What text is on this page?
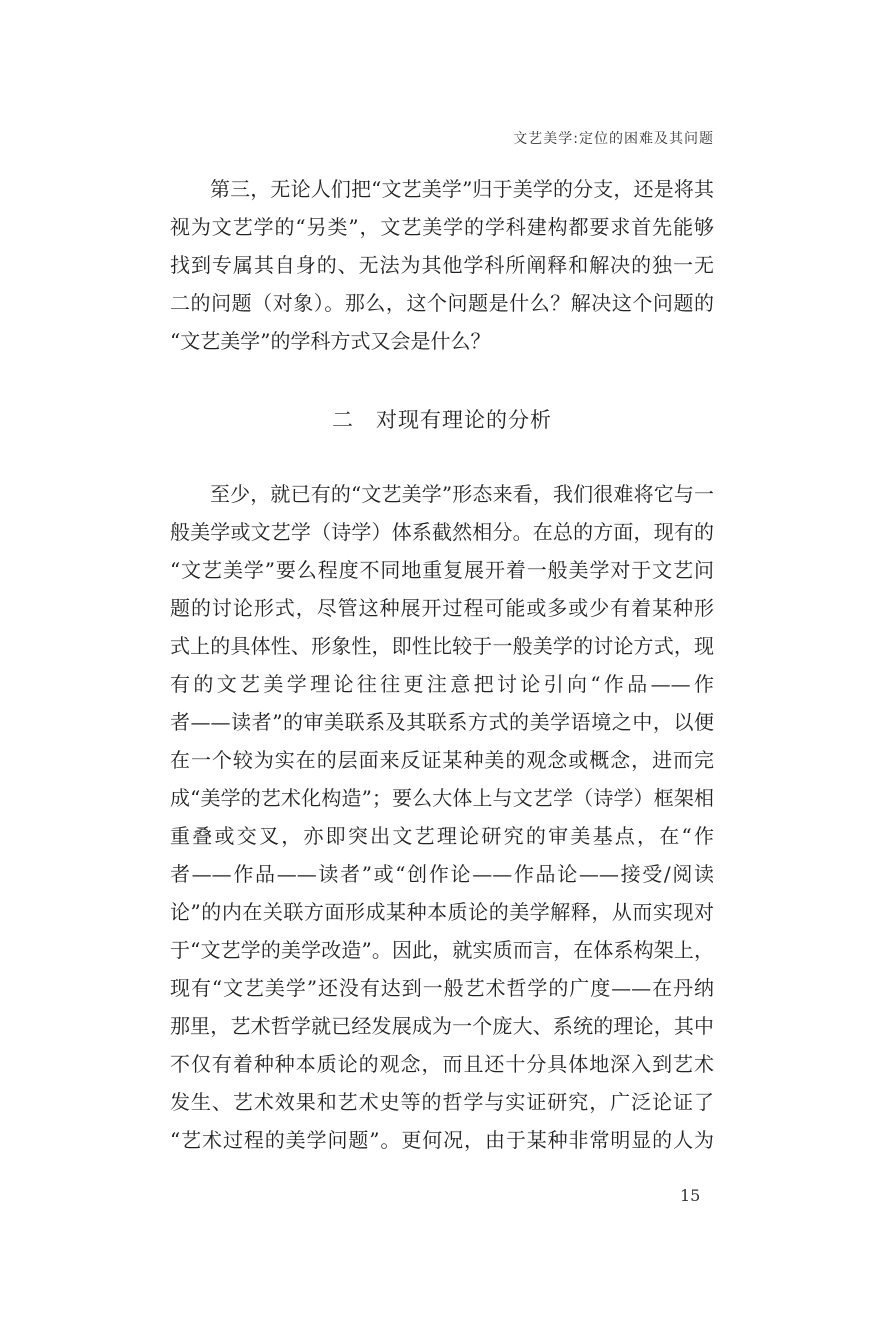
文艺美学:定位的困难及其问题
第三，无论人们把“文艺美学”归于美学的分支，还是将其
视为文艺学的“另类”，文艺美学的学科建构都要求首先能够
找到专属其自身的、无法为其他学科所阐释和解决的独一无
二的问题（对象）。那么，这个问题是什么？解决这个问题的
“文艺美学”的学科方式又会是什么？
二　对现有理论的分析
至少，就已有的“文艺美学”形态来看，我们很难将它与一
般美学或文艺学（诗学）体系截然相分。在总的方面，现有的
“文艺美学”要么程度不同地重复展开着一般美学对于文艺问
题的讨论形式，尽管这种展开过程可能或多或少有着某种形
式上的具体性、形象性，即性比较于一般美学的讨论方式，现
有的文艺美学理论往往更注意把讨论引向“作品——作
者——读者”的审美联系及其联系方式的美学语境之中，以便
在一个较为实在的层面来反证某种美的观念或概念，进而完
成“美学的艺术化构造”；要么大体上与文艺学（诗学）框架相
重叠或交叉，亦即突出文艺理论研究的审美基点，在“作
者——作品——读者”或“创作论——作品论——接受/阅读
论”的内在关联方面形成某种本质论的美学解释，从而实现对
于“文艺学的美学改造”。因此，就实质而言，在体系构架上，
现有“文艺美学”还没有达到一般艺术哲学的广度——在丹纳
那里，艺术哲学就已经发展成为一个庞大、系统的理论，其中
不仅有着种种本质论的观念，而且还十分具体地深入到艺术
发生、艺术效果和艺术史等的哲学与实证研究，广泛论证了
“艺术过程的美学问题”。更何况，由于某种非常明显的人为
15
